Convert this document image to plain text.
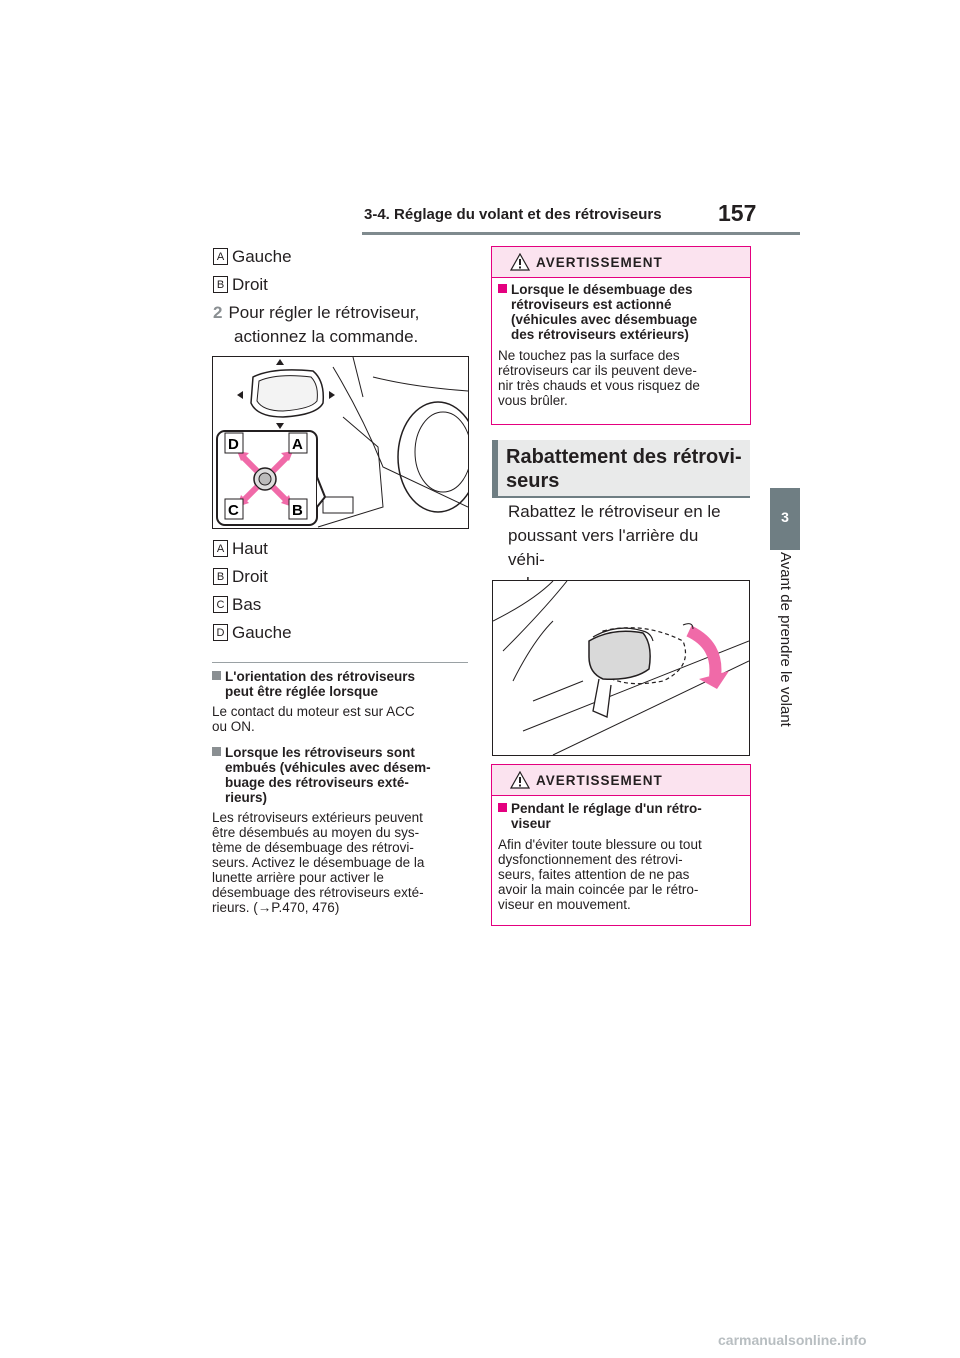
3-4. Réglage du volant et des rétroviseurs 157
3
Avant de prendre le volant
A Gauche
B Droit
2 Pour régler le rétroviseur,
actionnez la commande.
D	A
C	B
A Haut
B Droit
C Bas
D Gauche
L'orientation des rétroviseurs
peut être réglée lorsque
Le contact du moteur est sur ACC
ou ON.
Lorsque les rétroviseurs sont
embués (véhicules avec désem-
buage des rétroviseurs exté-
rieurs)
Les rétroviseurs extérieurs peuvent
être désembués au moyen du sys-
tème de désembuage des rétrovi-
seurs. Activez le désembuage de la
lunette arrière pour activer le
désembuage des rétroviseurs exté-
rieurs. (→P.470, 476)
AVERTISSEMENT
Lorsque le désembuage des
rétroviseurs est actionné
(véhicules avec désembuage
des rétroviseurs extérieurs)
Ne touchez pas la surface des
rétroviseurs car ils peuvent deve-
nir très chauds et vous risquez de
vous brûler.
Rabattement des rétrovi-
seurs
Rabattez le rétroviseur en le
poussant vers l'arrière du véhi-
AVERTISSEMENT
Pendant le réglage d'un rétro-
viseur
Afin d'éviter toute blessure ou tout
dysfonctionnement des rétrovi-
seurs, faites attention de ne pas
avoir la main coincée par le rétro-
viseur en mouvement.
carmanualsonline.info
